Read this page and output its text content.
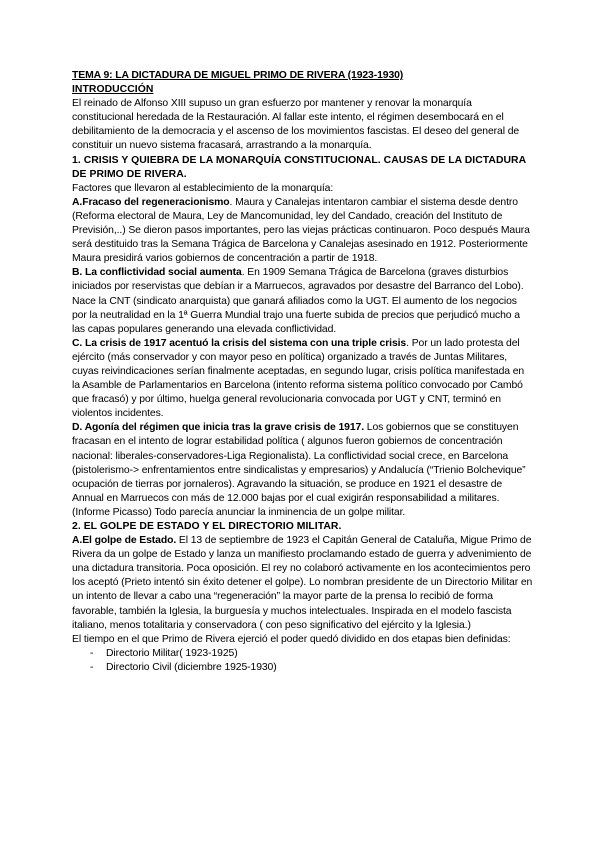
TEMA 9: LA DICTADURA DE MIGUEL PRIMO DE RIVERA (1923-1930)
INTRODUCCIÓN

El reinado de Alfonso XIII supuso un gran esfuerzo por mantener y renovar la monarquía constitucional heredada de la Restauración. Al fallar este intento, el régimen desembocará en el debilitamiento de la democracia y el ascenso de los movimientos fascistas. El deseo del general de constituir un nuevo sistema fracasará, arrastrando a la monarquía.

1. CRISIS Y QUIEBRA DE LA MONARQUÍA CONSTITUCIONAL. CAUSAS DE LA DICTADURA DE PRIMO DE RIVERA.

Factores que llevaron al establecimiento de la monarquía:

A.Fracaso del regeneracionismo. Maura y Canalejas intentaron cambiar el sistema desde dentro (Reforma electoral de Maura, Ley de Mancomunidad, ley del Candado, creación del Instituto de Previsión,..) Se dieron pasos importantes, pero las viejas prácticas continuaron. Poco después Maura será destituido tras la Semana Trágica de Barcelona y Canalejas asesinado en 1912. Posteriormente Maura presidirá varios gobiernos de concentración a partir de 1918.

B. La conflictividad social aumenta. En 1909 Semana Trágica de Barcelona (graves disturbios iniciados por reservistas que debían ir a Marruecos, agravados por desastre del Barranco del Lobo). Nace la CNT (sindicato anarquista) que ganará afiliados como la UGT. El aumento de los negocios por la neutralidad en la 1ª Guerra Mundial trajo una fuerte subida de precios que perjudicó mucho a las capas populares generando una elevada conflictividad.

C. La crisis de 1917 acentuó la crisis del sistema con una triple crisis. Por un lado protesta del ejército (más conservador y con mayor peso en política) organizado a través de Juntas Militares, cuyas reivindicaciones serían finalmente aceptadas, en segundo lugar, crisis política manifestada en la Asamble de Parlamentarios en Barcelona (intento reforma sistema político convocado por Cambó que fracasó) y por último, huelga general revolucionaria convocada por UGT y CNT, terminó en violentos incidentes.

D. Agonía del régimen que inicia tras la grave crisis de 1917. Los gobiernos que se constituyen fracasan en el intento de lograr estabilidad política ( algunos fueron gobiernos de concentración nacional: liberales-conservadores-Liga Regionalista). La conflictividad social crece, en Barcelona (pistolerismo-> enfrentamientos entre sindicalistas y empresarios) y Andalucía (“Trienio Bolchevique” ocupación de tierras por jornaleros). Agravando la situación, se produce en 1921 el desastre de Annual en Marruecos con más de 12.000 bajas por el cual exigirán responsabilidad a militares. (Informe Picasso) Todo parecía anunciar la inminencia de un golpe militar.

2. EL GOLPE DE ESTADO Y EL DIRECTORIO MILITAR.

A.El golpe de Estado. El 13 de septiembre de 1923 el Capitán General de Cataluña, Migue Primo de Rivera da un golpe de Estado y lanza un manifiesto proclamando estado de guerra y advenimiento de una dictadura transitoria. Poca oposición. El rey no colaboró activamente en los acontecimientos pero los aceptó (Prieto intentó sin éxito detener el golpe). Lo nombran presidente de un Directorio Militar en un intento de llevar a cabo una “regeneración” la mayor parte de la prensa lo recibió de forma favorable, también la Iglesia, la burguesía y muchos intelectuales. Inspirada en el modelo fascista italiano, menos totalitaria y conservadora ( con peso significativo del ejército y la Iglesia.)

El tiempo en el que Primo de Rivera ejerció el poder quedó dividido en dos etapas bien definidas:

- Directorio Militar( 1923-1925)
- Directorio Civil (diciembre 1925-1930)
